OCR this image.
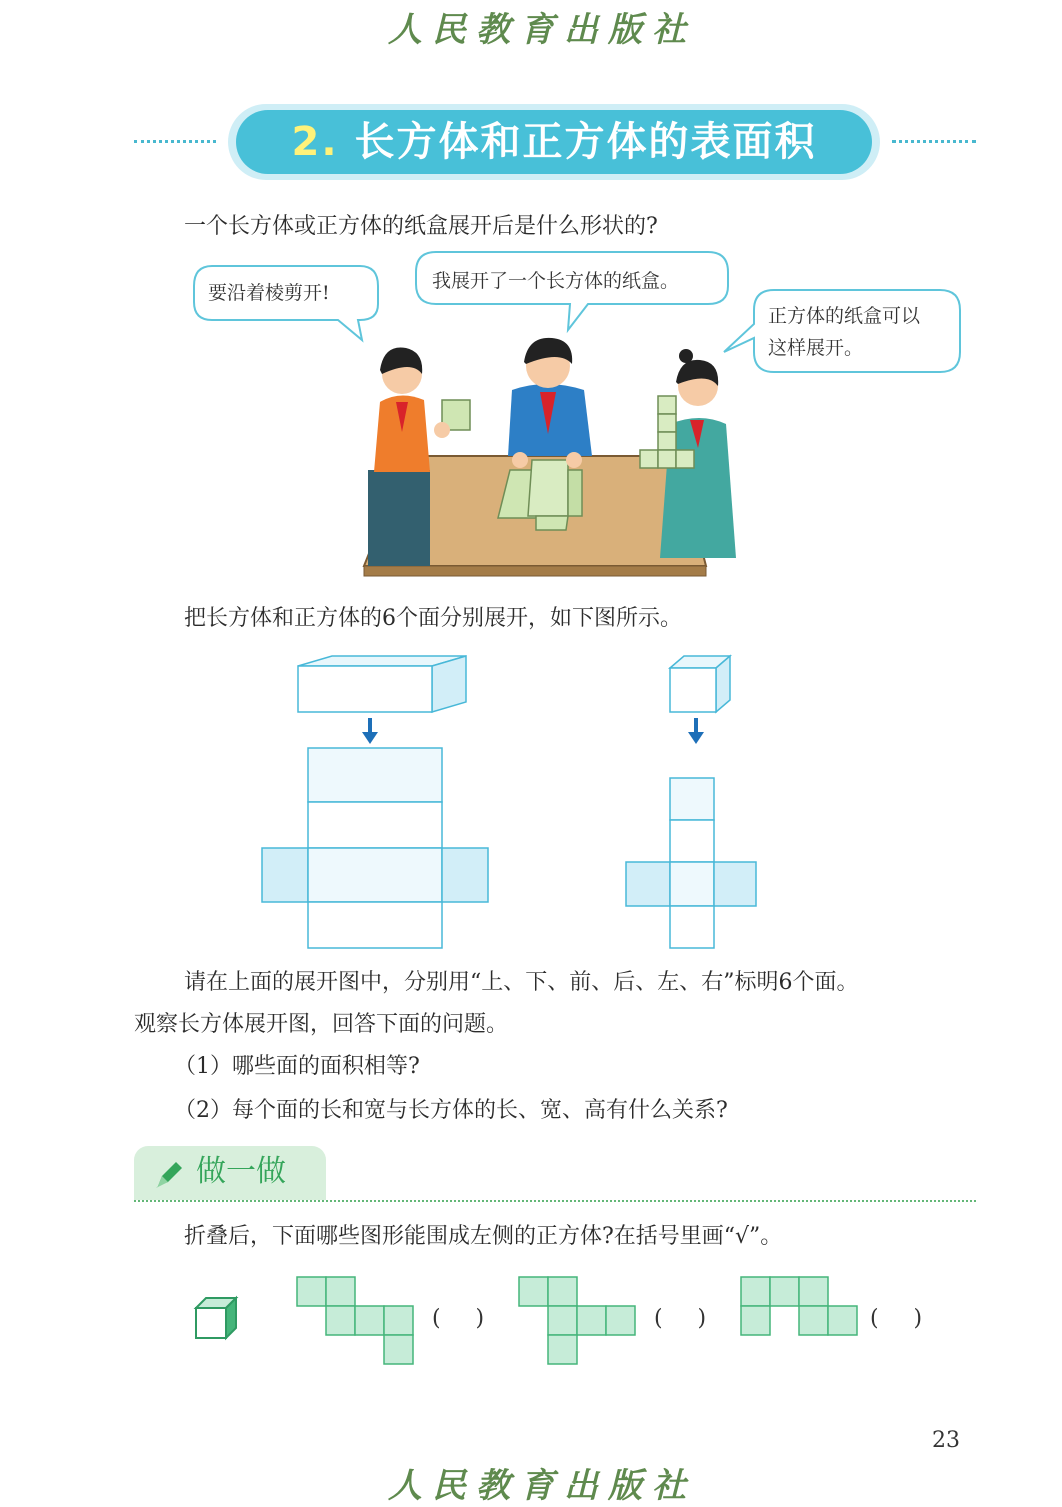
人民教育出版社
2. 长方体和正方体的表面积
一个长方体或正方体的纸盒展开后是什么形状的?
要沿着棱剪开!
我展开了一个长方体的纸盒。
正方体的纸盒可以
这样展开。
把长方体和正方体的6个面分别展开，如下图所示。
请在上面的展开图中，分别用“上、下、前、后、左、右”标明6个面。
观察长方体展开图，回答下面的问题。
（1）哪些面的面积相等?
（2）每个面的长和宽与长方体的长、宽、高有什么关系?
做一做
折叠后，下面哪些图形能围成左侧的正方体?在括号里画“√”。
(     )	(     )	(     )
23
人民教育出版社
